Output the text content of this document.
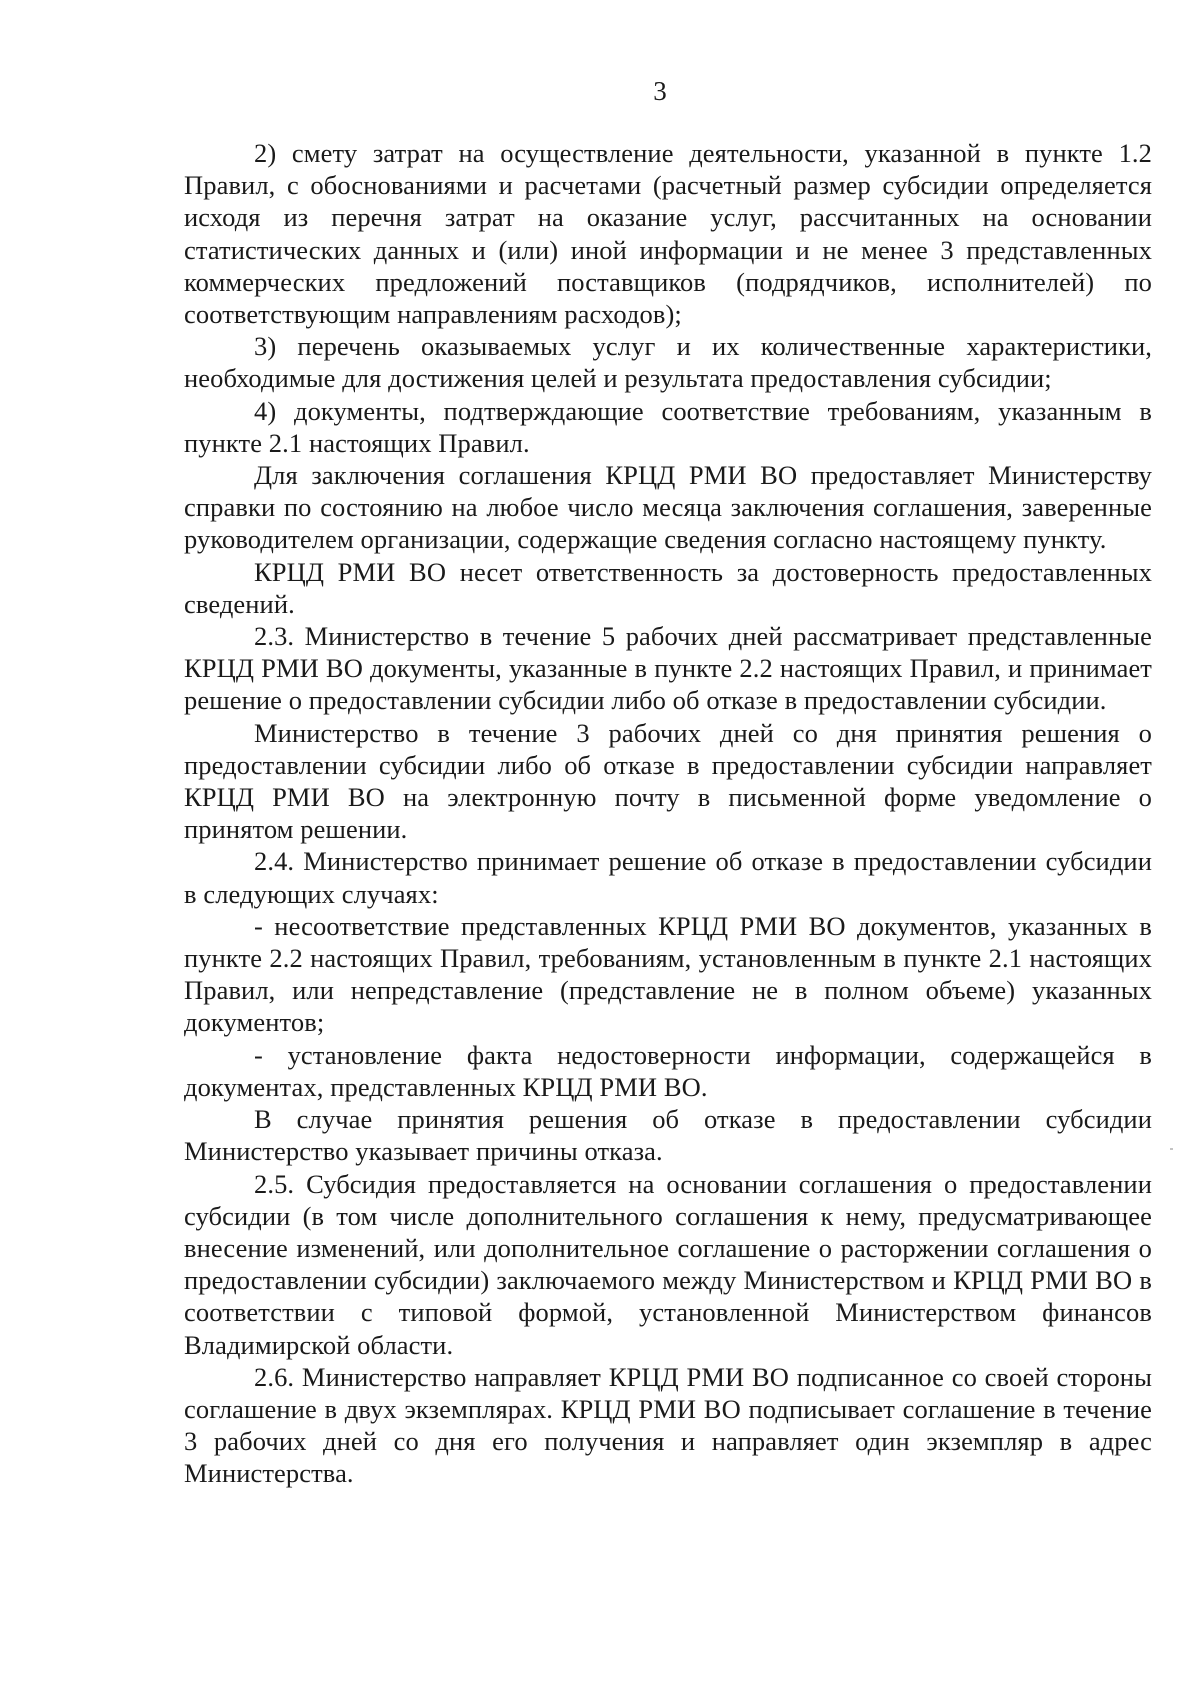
3

2) смету затрат на осуществление деятельности, указанной в пункте 1.2 Правил, с обоснованиями и расчетами (расчетный размер субсидии определяется исходя из перечня затрат на оказание услуг, рассчитанных на основании статистических данных и (или) иной информации и не менее 3 представленных коммерческих предложений поставщиков (подрядчиков, исполнителей) по соответствующим направлениям расходов);

3) перечень оказываемых услуг и их количественные характеристики, необходимые для достижения целей и результата предоставления субсидии;

4) документы, подтверждающие соответствие требованиям, указанным в пункте 2.1 настоящих Правил.

Для заключения соглашения КРЦД РМИ ВО предоставляет Министерству справки по состоянию на любое число месяца заключения соглашения, заверенные руководителем организации, содержащие сведения согласно настоящему пункту.

КРЦД РМИ ВО несет ответственность за достоверность предоставленных сведений.

2.3. Министерство в течение 5 рабочих дней рассматривает представленные КРЦД РМИ ВО документы, указанные в пункте 2.2 настоящих Правил, и принимает решение о предоставлении субсидии либо об отказе в предоставлении субсидии.

Министерство в течение 3 рабочих дней со дня принятия решения о предоставлении субсидии либо об отказе в предоставлении субсидии направляет КРЦД РМИ ВО на электронную почту в письменной форме уведомление о принятом решении.

2.4. Министерство принимает решение об отказе в предоставлении субсидии в следующих случаях:

- несоответствие представленных КРЦД РМИ ВО документов, указанных в пункте 2.2 настоящих Правил, требованиям, установленным в пункте 2.1 настоящих Правил, или непредставление (представление не в полном объеме) указанных документов;

- установление факта недостоверности информации, содержащейся в документах, представленных КРЦД РМИ ВО.

В случае принятия решения об отказе в предоставлении субсидии Министерство указывает причины отказа.

2.5. Субсидия предоставляется на основании соглашения о предоставлении субсидии (в том числе дополнительного соглашения к нему, предусматривающее внесение изменений, или дополнительное соглашение о расторжении соглашения о предоставлении субсидии) заключаемого между Министерством и КРЦД РМИ ВО в соответствии с типовой формой, установленной Министерством финансов Владимирской области.

2.6. Министерство направляет КРЦД РМИ ВО подписанное со своей стороны соглашение в двух экземплярах. КРЦД РМИ ВО подписывает соглашение в течение 3 рабочих дней со дня его получения и направляет один экземпляр в адрес Министерства.
